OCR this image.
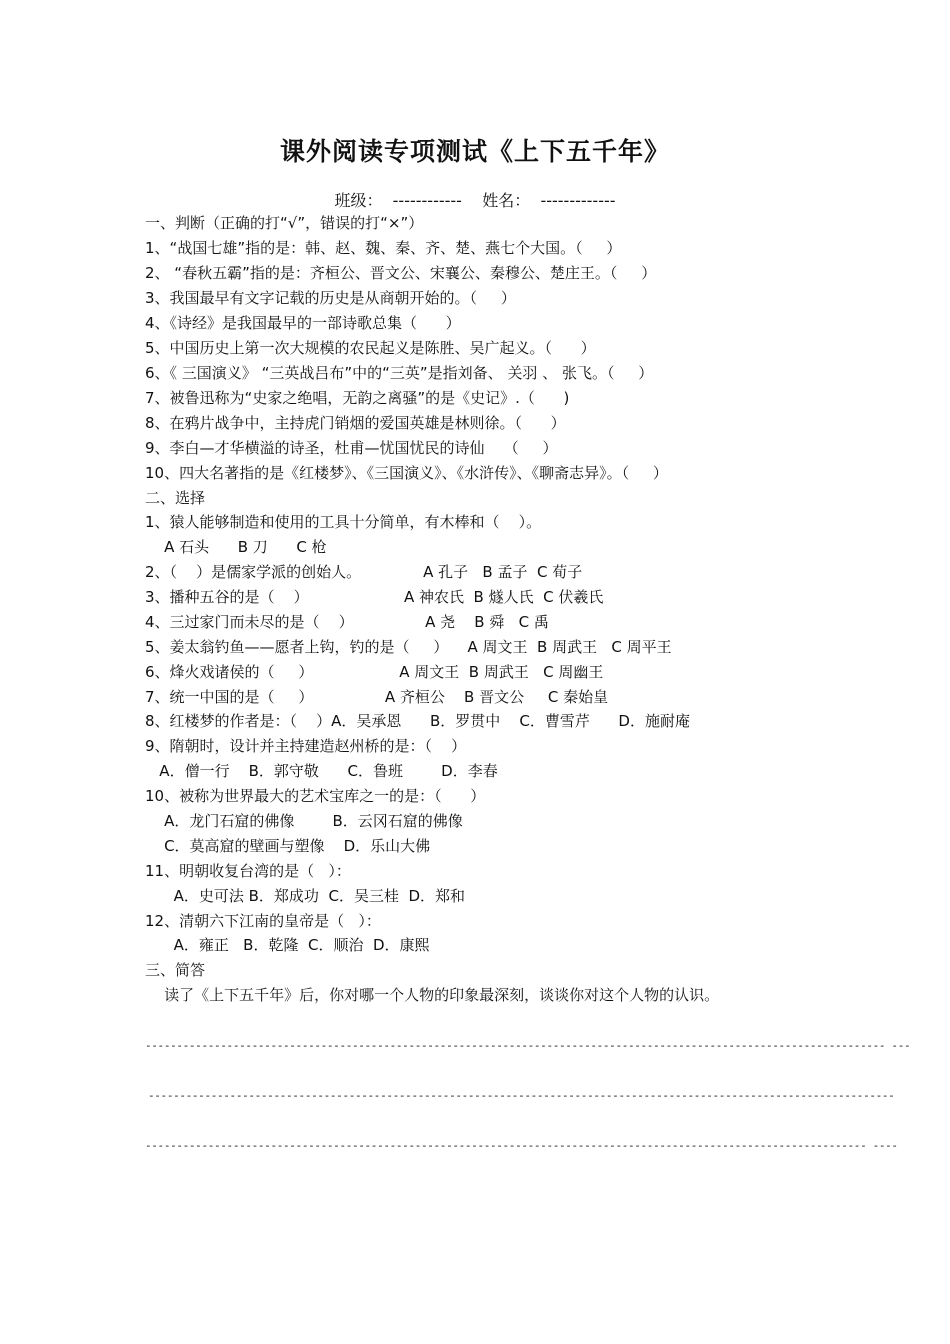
课外阅读专项测试《上下五千年》
班级：  ------------    姓名：  -------------
一、判断（正确的打“√”，错误的打“×”）
1、“战国七雄”指的是：韩、赵、魏、秦、齐、楚、燕七个大国。（     ）
2、 “春秋五霸”指的是：齐桓公、晋文公、宋襄公、秦穆公、楚庄王。（     ）
3、我国最早有文字记载的历史是从商朝开始的。（     ）
4、《诗经》是我国最早的一部诗歌总集（      ）
5、中国历史上第一次大规模的农民起义是陈胜、吴广起义。（      ）
6、《 三国演义》 “三英战吕布”中的“三英”是指刘备、 关羽 、 张飞。（     ）
7、被鲁迅称为“史家之绝唱，无韵之离骚”的是《史记》.（      )
8、在鸦片战争中，主持虎门销烟的爱国英雄是林则徐。（      ）
9、李白—才华横溢的诗圣，杜甫—忧国忧民的诗仙    （     ）
10、四大名著指的是《红楼梦》、《三国演义》、《水浒传》、《聊斋志异》。（     ）
二、选择
1、猿人能够制造和使用的工具十分简单，有木棒和（    ）。
A 石头      B 刀      C 枪
2、（    ）是儒家学派的创始人。             A 孔子   B 孟子  C 荀子
3、播种五谷的是（    ）                    A 神农氏  B 燧人氏  C 伏羲氏
4、三过家门而未尽的是（    ）               A 尧    B 舜   C 禹
5、姜太翁钓鱼——愿者上钩，钓的是（     ）    A 周文王  B 周武王   C 周平王
6、烽火戏诸侯的（     ）                  A 周文王  B 周武王   C 周幽王
7、统一中国的是（     ）               A 齐桓公    B 晋文公     C 秦始皇
8、红楼梦的作者是：（    ）A．吴承恩      B．罗贯中    C．曹雪芹      D．施耐庵
9、隋朝时，设计并主持建造赵州桥的是：（    ）
A．僧一行    B．郭守敬      C．鲁班        D．李春
10、被称为世界最大的艺术宝库之一的是：（      ）
A．龙门石窟的佛像        B．云冈石窟的佛像
C．莫高窟的壁画与塑像    D．乐山大佛
11、明朝收复台湾的是（   ）：
A．史可法 B．郑成功  C．吴三桂  D．郑和
12、清朝六下江南的皇帝是（   ）：
A．雍正   B．乾隆  C．顺治  D．康熙
三、简答
读了《上下五千年》后，你对哪一个人物的印象最深刻，谈谈你对这个人物的认识。
---------------------------------------------------------------------------------------------------------------------- ---
-----------------------------------------------------------------------------------------------------------------------
------------------------------------------------------------------------------------------------------------------- ----
